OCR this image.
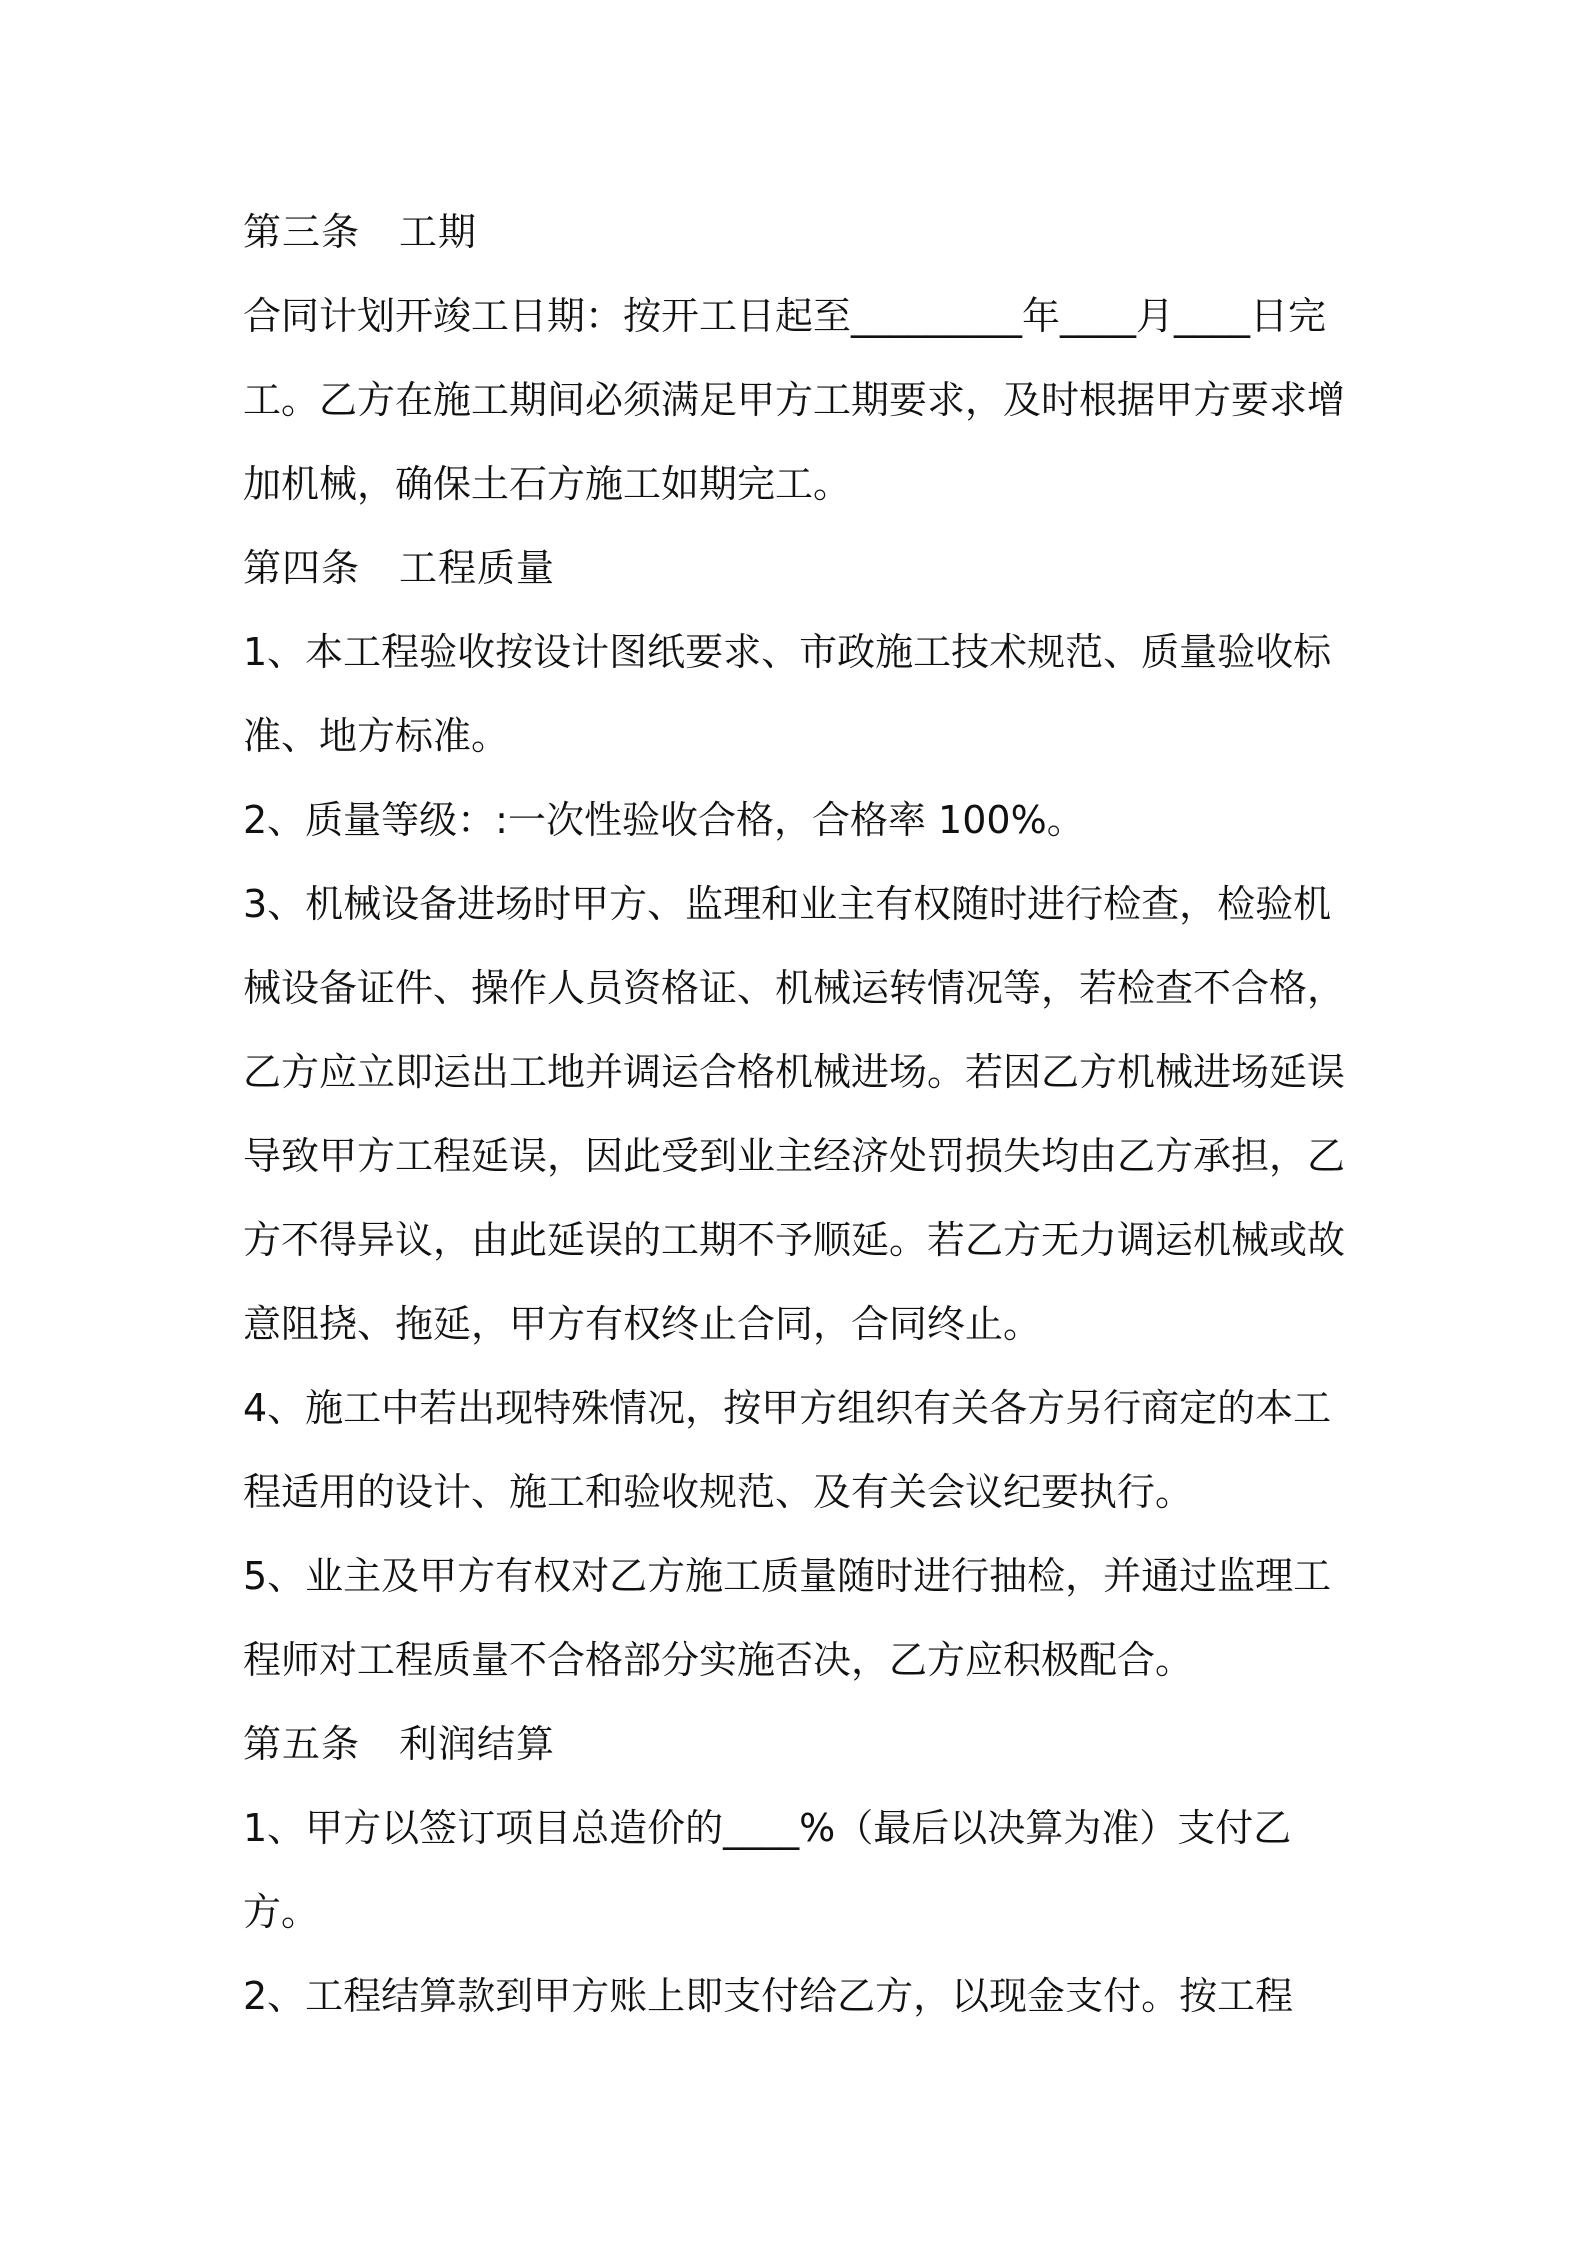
第三条　工期

合同计划开竣工日期：按开工日起至_________年____月____日完工。乙方在施工期间必须满足甲方工期要求，及时根据甲方要求增加机械，确保土石方施工如期完工。

第四条　工程质量

1、本工程验收按设计图纸要求、市政施工技术规范、质量验收标准、地方标准。

2、质量等级：:一次性验收合格，合格率 100%。

3、机械设备进场时甲方、监理和业主有权随时进行检查，检验机械设备证件、操作人员资格证、机械运转情况等，若检查不合格，乙方应立即运出工地并调运合格机械进场。若因乙方机械进场延误导致甲方工程延误，因此受到业主经济处罚损失均由乙方承担，乙方不得异议，由此延误的工期不予顺延。若乙方无力调运机械或故意阻挠、拖延，甲方有权终止合同，合同终止。

4、施工中若出现特殊情况，按甲方组织有关各方另行商定的本工程适用的设计、施工和验收规范、及有关会议纪要执行。

5、业主及甲方有权对乙方施工质量随时进行抽检，并通过监理工程师对工程质量不合格部分实施否决，乙方应积极配合。

第五条　利润结算

1、甲方以签订项目总造价的____%（最后以决算为准）支付乙方。

2、工程结算款到甲方账上即支付给乙方，以现金支付。按工程
